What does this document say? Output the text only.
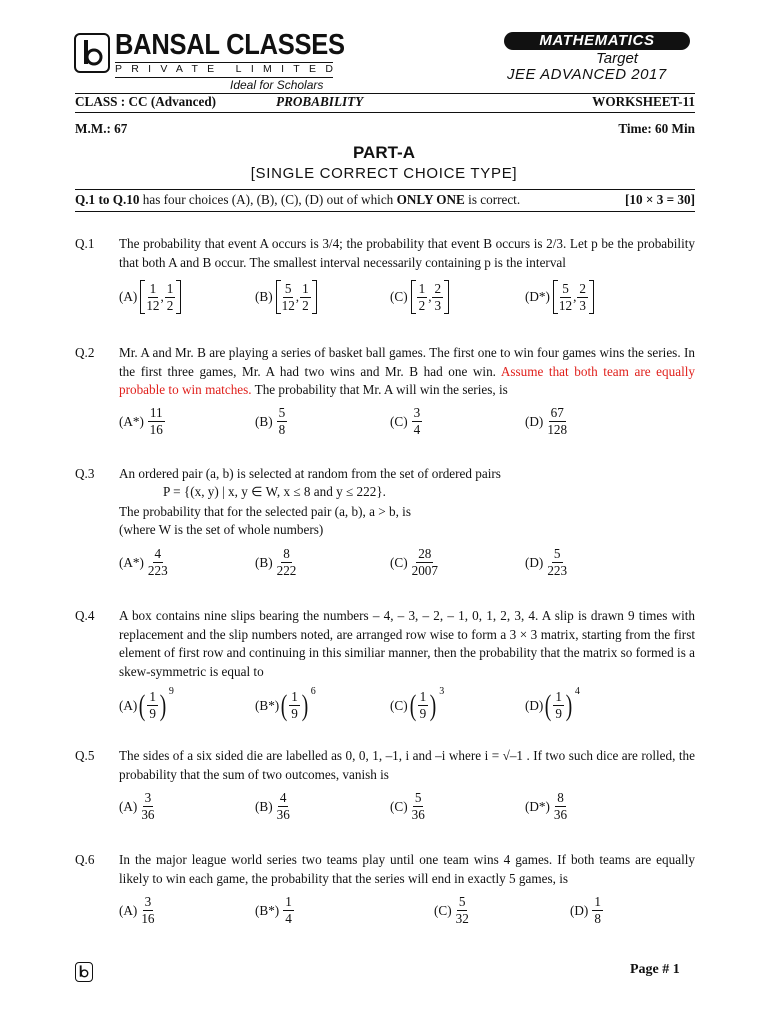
BANSAL CLASSES
PRIVATE LIMITED
Ideal for Scholars
MATHEMATICS
Target
JEE ADVANCED 2017
CLASS : CC (Advanced)	PROBABILITY	WORKSHEET-11
M.M.: 67	Time: 60 Min
PART-A
[SINGLE CORRECT CHOICE TYPE]
Q.1 to Q.10 has four choices (A), (B), (C), (D) out of which ONLY ONE is correct.	[10 × 3 = 30]
Q.1 The probability that event A occurs is 3/4; the probability that event B occurs is 2/3. Let p be the probability that both A and B occur. The smallest interval necessarily containing p is the interval
$(A) \frac{1}{12}$ , $\frac{1}{2}$	$(B) \frac{5}{12}$ , $\frac{1}{2}$	$(C) \frac{1}{2}$ , $\frac{2}{3}$	$(D*) \frac{5}{12}$ , $\frac{2}{3}$
Q.2 Mr. A and Mr. B are playing a series of basket ball games. The first one to win four games wins the series. In the first three games, Mr. A had two wins and Mr. B had one win. Assume that both team are equally probable to win matches. The probability that Mr. A will win the series, is
$(A*) \frac{11}{16}$	$(B) \frac{5}{8}$	$(C) \frac{3}{4}$	$(D) \frac{67}{128}$
Q.3 An ordered pair (a, b) is selected at random from the set of ordered pairs
P = {(x, y) | x, y ∈ W, x ≤ 8 and y ≤ 222}.
The probability that for the selected pair (a, b), a > b, is
(where W is the set of whole numbers)
$(A*) \frac{4}{223}$	$(B) \frac{8}{222}$	$(C) \frac{28}{2007}$	$(D) \frac{5}{223}$
Q.4 A box contains nine slips bearing the numbers – 4, – 3, – 2, – 1, 0, 1, 2, 3, 4. A slip is drawn 9 times with replacement and the slip numbers noted, are arranged row wise to form a 3 × 3 matrix, starting from the first element of first row and continuing in this similiar manner, then the probability that the matrix so formed is a skew-symmetric is equal to
(A) ( $\frac{1}{9}$ ) 9
(B*) ( $\frac{1}{9}$ ) 6
(C) ( $\frac{1}{9}$ ) 3
(D) ( $\frac{1}{9}$ ) 4
Q.5 The sides of a six sided die are labelled as 0, 0, 1, –1, i and –i where i = √–1 . If two such dice are rolled, the probability that the sum of two outcomes, vanish is
$(A) \frac{3}{36}$	$(B) \frac{4}{36}$	$(C) \frac{5}{36}$	$(D*) \frac{8}{36}$
Q.6 In the major league world series two teams play until one team wins 4 games. If both teams are equally likely to win each game, the probability that the series will end in exactly 5 games, is
$(A) \frac{3}{16}$	$(B*) \frac{1}{4}$	$(C) \frac{5}{32}$	$(D) \frac{1}{8}$
Page # 1
